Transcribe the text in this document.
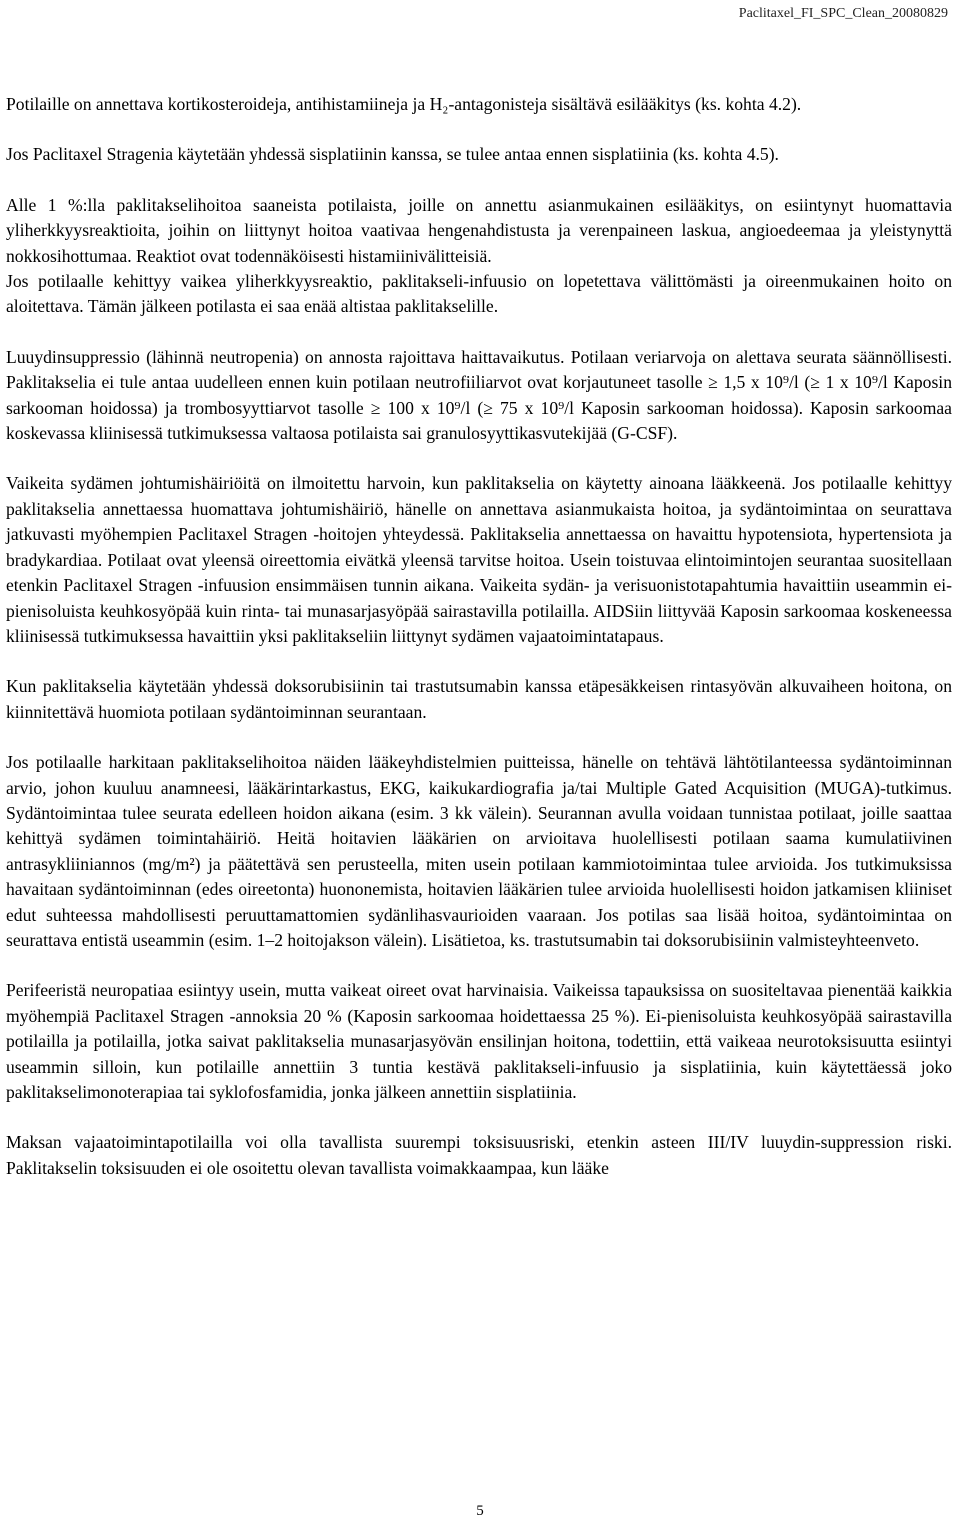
Paclitaxel_FI_SPC_Clean_20080829

Potilaille on annettava kortikosteroideja, antihistamiineja ja H₂-antagonisteja sisältävä esilääkitys (ks. kohta 4.2).

Jos Paclitaxel Stragenia käytetään yhdessä sisplatiinin kanssa, se tulee antaa ennen sisplatiinia (ks. kohta 4.5).

Alle 1 %:lla paklitakselihoitoa saaneista potilaista, joille on annettu asianmukainen esilääkitys, on esiintynyt huomattavia yliherkkyysreaktioita, joihin on liittynyt hoitoa vaativaa hengenahdistusta ja verenpaineen laskua, angioedeemaa ja yleistynyttä nokkosihottumaa. Reaktiot ovat todennäköisesti histamiinivälitteisiä.

Jos potilaalle kehittyy vaikea yliherkkyysreaktio, paklitakseli-infuusio on lopetettava välittömästi ja oireenmukainen hoito on aloitettava. Tämän jälkeen potilasta ei saa enää altistaa paklitakselille.

Luuydinsuppressio (lähinnä neutropenia) on annosta rajoittava haittavaikutus. Potilaan veriarvoja on alettava seurata säännöllisesti. Paklitakselia ei tule antaa uudelleen ennen kuin potilaan neutrofiiliarvot ovat korjautuneet tasolle ≥ 1,5 x 10⁹/l (≥ 1 x 10⁹/l Kaposin sarkooman hoidossa) ja trombosyyttiarvot tasolle ≥ 100 x 10⁹/l (≥ 75 x 10⁹/l Kaposin sarkooman hoidossa). Kaposin sarkoomaa koskevassa kliinisessä tutkimuksessa valtaosa potilaista sai granulosyyttikasvutekijää (G-CSF).

Vaikeita sydämen johtumishäiriöitä on ilmoitettu harvoin, kun paklitakselia on käytetty ainoana lääkkeenä. Jos potilaalle kehittyy paklitakselia annettaessa huomattava johtumishäiriö, hänelle on annettava asianmukaista hoitoa, ja sydäntoimintaa on seurattava jatkuvasti myöhempien Paclitaxel Stragen -hoitojen yhteydessä. Paklitakselia annettaessa on havaittu hypotensiota, hypertensiota ja bradykardiaa. Potilaat ovat yleensä oireettomia eivätkä yleensä tarvitse hoitoa. Usein toistuvaa elintoimintojen seurantaa suositellaan etenkin Paclitaxel Stragen -infuusion ensimmäisen tunnin aikana. Vaikeita sydän- ja verisuonistotapahtumia havaittiin useammin ei-pienisoluista keuhkosyöpää kuin rinta- tai munasarjasyöpää sairastavilla potilailla. AIDSiin liittyvää Kaposin sarkoomaa koskeneessa kliinisessä tutkimuksessa havaittiin yksi paklitakseliin liittynyt sydämen vajaatoimintatapaus.

Kun paklitakselia käytetään yhdessä doksorubisiinin tai trastutsumabin kanssa etäpesäkkeisen rintasyövän alkuvaiheen hoitona, on kiinnitettävä huomiota potilaan sydäntoiminnan seurantaan.

Jos potilaalle harkitaan paklitakselihoitoa näiden lääkeyhdistelmien puitteissa, hänelle on tehtävä lähtötilanteessa sydäntoiminnan arvio, johon kuuluu anamneesi, lääkärintarkastus, EKG, kaikukardiografia ja/tai Multiple Gated Acquisition (MUGA)-tutkimus. Sydäntoimintaa tulee seurata edelleen hoidon aikana (esim. 3 kk välein). Seurannan avulla voidaan tunnistaa potilaat, joille saattaa kehittyä sydämen toimintahäiriö. Heitä hoitavien lääkärien on arvioitava huolellisesti potilaan saama kumulatiivinen antrasykliiniannos (mg/m²) ja päätettävä sen perusteella, miten usein potilaan kammiotoimintaa tulee arvioida. Jos tutkimuksissa havaitaan sydäntoiminnan (edes oireetonta) huononemista, hoitavien lääkärien tulee arvioida huolellisesti hoidon jatkamisen kliiniset edut suhteessa mahdollisesti peruuttamattomien sydänlihasvaurioiden vaaraan. Jos potilas saa lisää hoitoa, sydäntoimintaa on seurattava entistä useammin (esim. 1–2 hoitojakson välein). Lisätietoa, ks. trastutsumabin tai doksorubisiinin valmisteyhteenveto.

Perifeeristä neuropatiaa esiintyy usein, mutta vaikeat oireet ovat harvinaisia. Vaikeissa tapauksissa on suositeltavaa pienentää kaikkia myöhempiä Paclitaxel Stragen -annoksia 20 % (Kaposin sarkoomaa hoidettaessa 25 %). Ei-pienisoluista keuhkosyöpää sairastavilla potilailla ja potilailla, jotka saivat paklitakselia munasarjasyövän ensilinjan hoitona, todettiin, että vaikeaa neurotoksisuutta esiintyi useammin silloin, kun potilaille annettiin 3 tuntia kestävä paklitakseli-infuusio ja sisplatiinia, kuin käytettäessä joko paklitakselimonoterapiaa tai syklofosfamidia, jonka jälkeen annettiin sisplatiinia.

Maksan vajaatoimintapotilailla voi olla tavallista suurempi toksisuusriski, etenkin asteen III/IV luuydin-suppression riski. Paklitakselin toksisuuden ei ole osoitettu olevan tavallista voimakkaampaa, kun lääke

5
